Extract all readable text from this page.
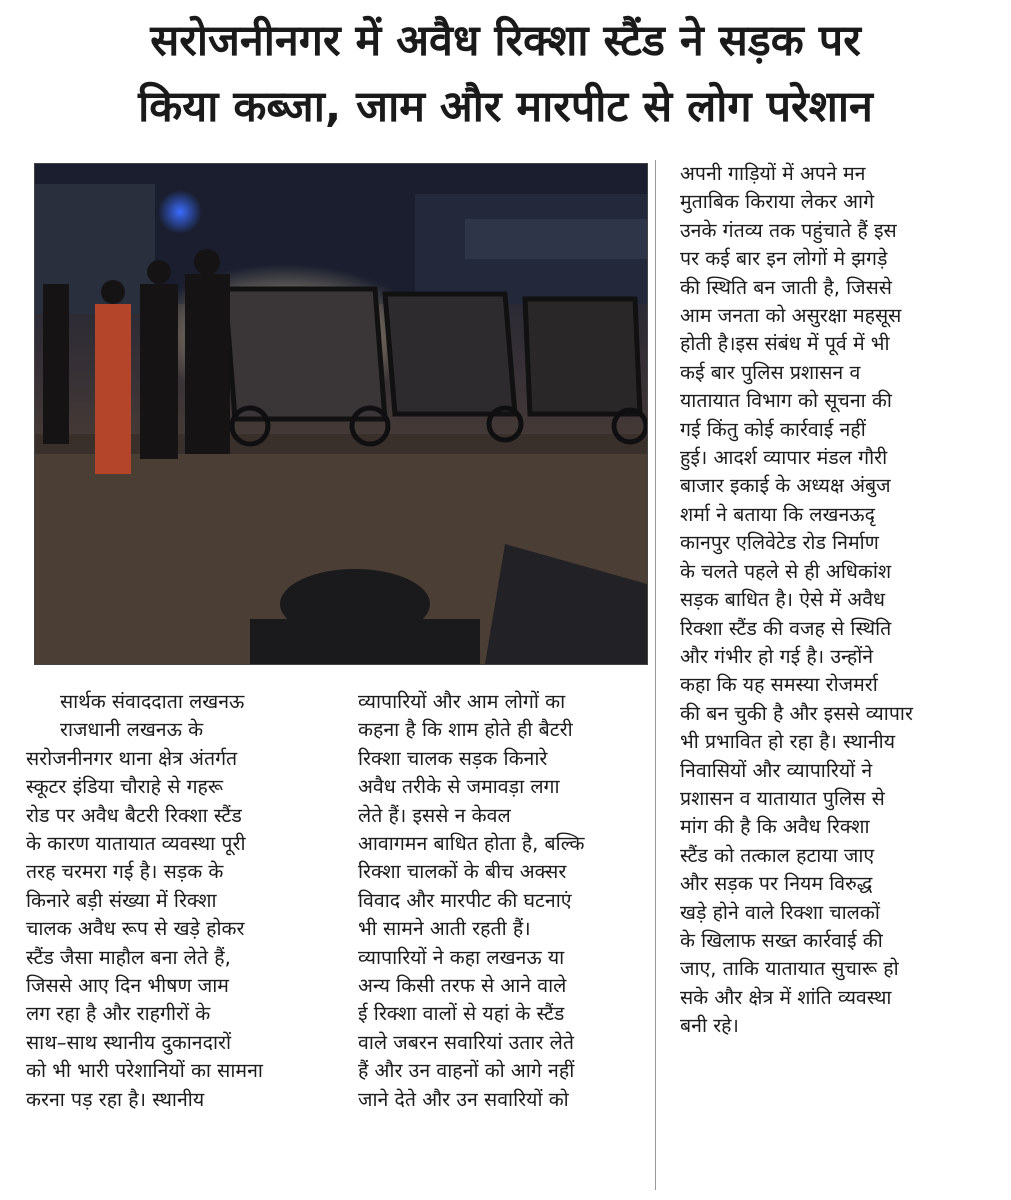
सरोजनीनगर में अवैध रिक्शा स्टैंड ने सड़क पर
किया कब्जा, जाम और मारपीट से लोग परेशान
सार्थक संवाददाता लखनऊ
राजधानी लखनऊ के
सरोजनीनगर थाना क्षेत्र अंतर्गत
स्कूटर इंडिया चौराहे से गहरू
रोड पर अवैध बैटरी रिक्शा स्टैंड
के कारण यातायात व्यवस्था पूरी
तरह चरमरा गई है। सड़क के
किनारे बड़ी संख्या में रिक्शा
चालक अवैध रूप से खड़े होकर
स्टैंड जैसा माहौल बना लेते हैं,
जिससे आए दिन भीषण जाम
लग रहा है और राहगीरों के
साथ–साथ स्थानीय दुकानदारों
को भी भारी परेशानियों का सामना
करना पड़ रहा है। स्थानीय
व्यापारियों और आम लोगों का
कहना है कि शाम होते ही बैटरी
रिक्शा चालक सड़क किनारे
अवैध तरीके से जमावड़ा लगा
लेते हैं। इससे न केवल
आवागमन बाधित होता है, बल्कि
रिक्शा चालकों के बीच अक्सर
विवाद और मारपीट की घटनाएं
भी सामने आती रहती हैं।
व्यापारियों ने कहा लखनऊ या
अन्य किसी तरफ से आने वाले
ई रिक्शा वालों से यहां के स्टैंड
वाले जबरन सवारियां उतार लेते
हैं और उन वाहनों को आगे नहीं
जाने देते और उन सवारियों को
अपनी गाड़ियों में अपने मन
मुताबिक किराया लेकर आगे
उनके गंतव्य तक पहुंचाते हैं इस
पर कई बार इन लोगों मे झगड़े
की स्थिति बन जाती है, जिससे
आम जनता को असुरक्षा महसूस
होती है।इस संबंध में पूर्व में भी
कई बार पुलिस प्रशासन व
यातायात विभाग को सूचना की
गई किंतु कोई कार्रवाई नहीं
हुई। आदर्श व्यापार मंडल गौरी
बाजार इकाई के अध्यक्ष अंबुज
शर्मा ने बताया कि लखनऊदृ
कानपुर एलिवेटेड रोड निर्माण
के चलते पहले से ही अधिकांश
सड़क बाधित है। ऐसे में अवैध
रिक्शा स्टैंड की वजह से स्थिति
और गंभीर हो गई है। उन्होंने
कहा कि यह समस्या रोजमर्रा
की बन चुकी है और इससे व्यापार
भी प्रभावित हो रहा है। स्थानीय
निवासियों और व्यापारियों ने
प्रशासन व यातायात पुलिस से
मांग की है कि अवैध रिक्शा
स्टैंड को तत्काल हटाया जाए
और सड़क पर नियम विरुद्ध
खड़े होने वाले रिक्शा चालकों
के खिलाफ सख्त कार्रवाई की
जाए, ताकि यातायात सुचारू हो
सके और क्षेत्र में शांति व्यवस्था
बनी रहे।
